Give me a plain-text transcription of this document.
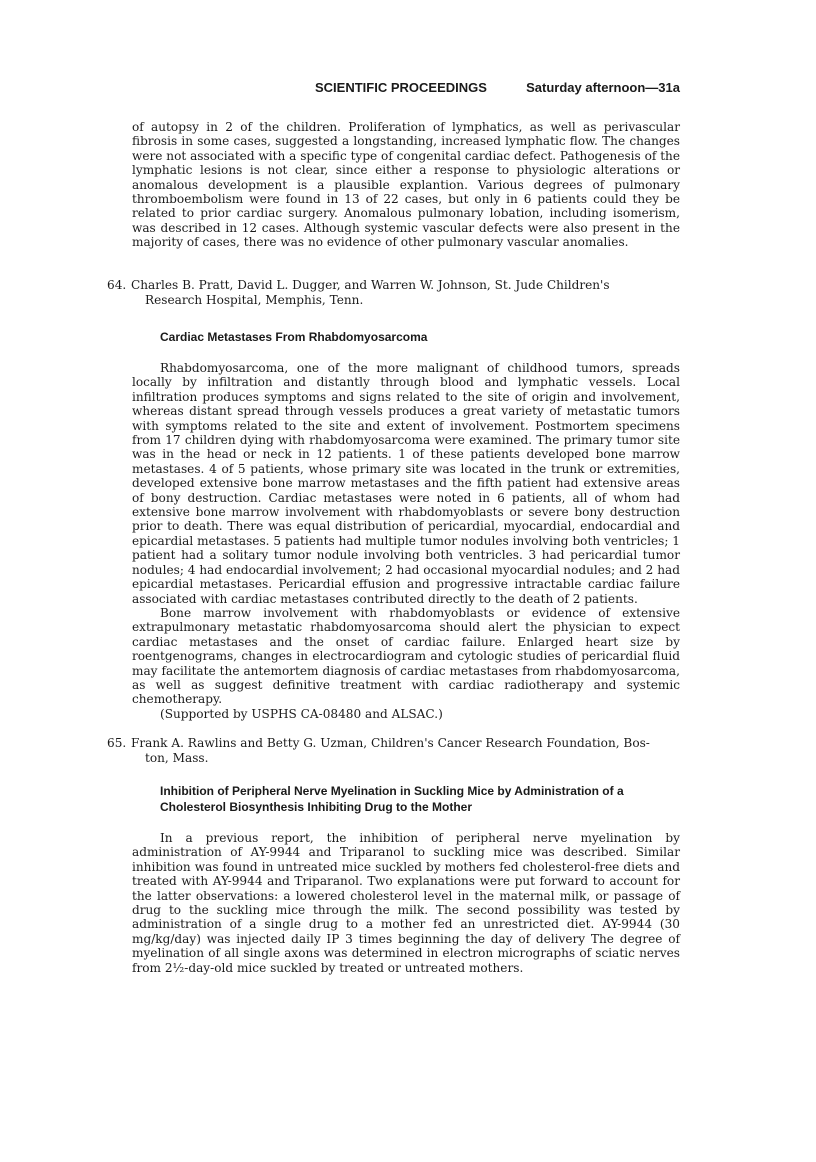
SCIENTIFIC PROCEEDINGS	Saturday afternoon—31a

of autopsy in 2 of the children. Proliferation of lymphatics, as well as perivascular fibrosis in some cases, suggested a longstanding, increased lymphatic flow. The changes were not associated with a specific type of congenital cardiac defect. Pathogenesis of the lymphatic lesions is not clear, since either a response to physiologic alterations or anomalous development is a plausible explantion. Various degrees of pulmonary thromboembolism were found in 13 of 22 cases, but only in 6 patients could they be related to prior cardiac surgery. Anomalous pulmonary lobation, including isomerism, was described in 12 cases. Although systemic vascular defects were also present in the majority of cases, there was no evidence of other pulmonary vascular anomalies.

64. Charles B. Pratt, David L. Dugger, and Warren W. Johnson, St. Jude Children's
Research Hospital, Memphis, Tenn.
Cardiac Metastases From Rhabdomyosarcoma

Rhabdomyosarcoma, one of the more malignant of childhood tumors, spreads locally by infiltration and distantly through blood and lymphatic vessels. Local infiltration produces symptoms and signs related to the site of origin and involvement, whereas distant spread through vessels produces a great variety of metastatic tumors with symptoms related to the site and extent of involvement. Postmortem specimens from 17 children dying with rhabdomyosarcoma were examined. The primary tumor site was in the head or neck in 12 patients. 1 of these patients developed bone marrow metastases. 4 of 5 patients, whose primary site was located in the trunk or extremities, developed extensive bone marrow metastases and the fifth patient had extensive areas of bony destruction. Cardiac metastases were noted in 6 patients, all of whom had extensive bone marrow involvement with rhabdomyoblasts or severe bony destruction prior to death. There was equal distribution of pericardial, myocardial, endocardial and epicardial metastases. 5 patients had multiple tumor nodules involving both ventricles; 1 patient had a solitary tumor nodule involving both ventricles. 3 had pericardial tumor nodules; 4 had endocardial involvement; 2 had occasional myocardial nodules; and 2 had epicardial metastases. Pericardial effusion and progressive intractable cardiac failure associated with cardiac metastases contributed directly to the death of 2 patients.

Bone marrow involvement with rhabdomyoblasts or evidence of extensive extrapulmonary metastatic rhabdomyosarcoma should alert the physician to expect cardiac metastases and the onset of cardiac failure. Enlarged heart size by roentgenograms, changes in electrocardiogram and cytologic studies of pericardial fluid may facilitate the antemortem diagnosis of cardiac metastases from rhabdomyosarcoma, as well as suggest definitive treatment with cardiac radiotherapy and systemic chemotherapy.

(Supported by USPHS CA-08480 and ALSAC.)

65. Frank A. Rawlins and Betty G. Uzman, Children's Cancer Research Foundation, Bos-
ton, Mass.
Inhibition of Peripheral Nerve Myelination in Suckling Mice by Administration of a Cholesterol Biosynthesis Inhibiting Drug to the Mother

In a previous report, the inhibition of peripheral nerve myelination by administration of AY-9944 and Triparanol to suckling mice was described. Similar inhibition was found in untreated mice suckled by mothers fed cholesterol-free diets and treated with AY-9944 and Triparanol. Two explanations were put forward to account for the latter observations: a lowered cholesterol level in the maternal milk, or passage of drug to the suckling mice through the milk. The second possibility was tested by administration of a single drug to a mother fed an unrestricted diet. AY-9944 (30 mg/kg/day) was injected daily IP 3 times beginning the day of delivery The degree of myelination of all single axons was determined in electron micrographs of sciatic nerves from 2½-day-old mice suckled by treated or untreated mothers.
